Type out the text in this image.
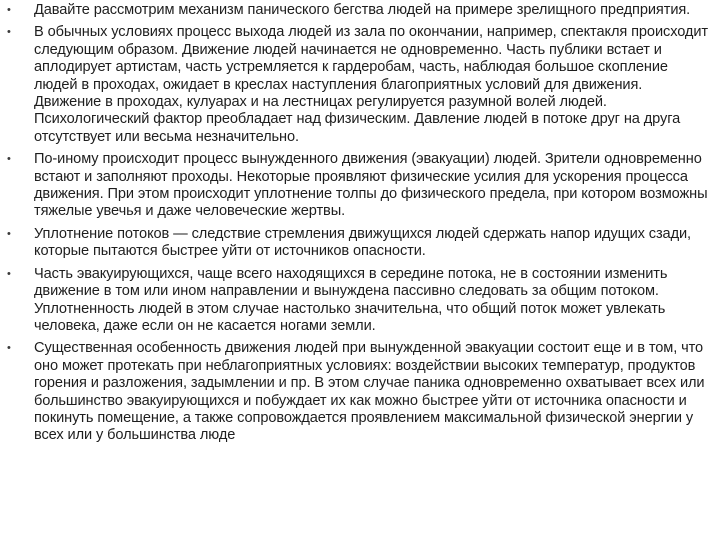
• Давайте рассмотрим механизм панического бегства людей на примере зрелищного предприятия.
• В обычных условиях процесс выхода людей из зала по окончании, например, спектакля происходит следующим образом. Движение людей начинается не одновременно. Часть публики встает и аплодирует артистам, часть устремляется к гардеробам, часть, наблюдая большое скопление людей в проходах, ожидает в креслах наступления благоприятных условий для движения. Движение в проходах, кулуарах и на лестницах регулируется разумной волей людей. Психологический фактор преобладает над физическим. Давление людей в потоке друг на друга отсутствует или весьма незначительно.
• По-иному происходит процесс вынужденного движения (эвакуации) людей. Зрители одновременно встают и заполняют проходы. Некоторые проявляют физические усилия для ускорения процесса движения. При этом происходит уплотнение толпы до физического предела, при котором возможны тяжелые увечья и даже человеческие жертвы.
• Уплотнение потоков — следствие стремления движущихся людей сдержать напор идущих сзади, которые пытаются быстрее уйти от источников опасности.
• Часть эвакуирующихся, чаще всего находящихся в середине потока, не в состоянии изменить движение в том или ином направлении и вынуждена пассивно следовать за общим потоком. Уплотненность людей в этом случае настолько значительна, что общий поток может увлекать человека, даже если он не касается ногами земли.
• Существенная особенность движения людей при вынужденной эвакуации состоит еще и в том, что оно может протекать при неблагоприятных условиях: воздействии высоких температур, продуктов горения и разложения, задымлении и пр. В этом случае паника одновременно охватывает всех или большинство эвакуирующихся и побуждает их как можно быстрее уйти от источника опасности и покинуть помещение, а также сопровождается проявлением максимальной физической энергии у всех или у большинства люде
